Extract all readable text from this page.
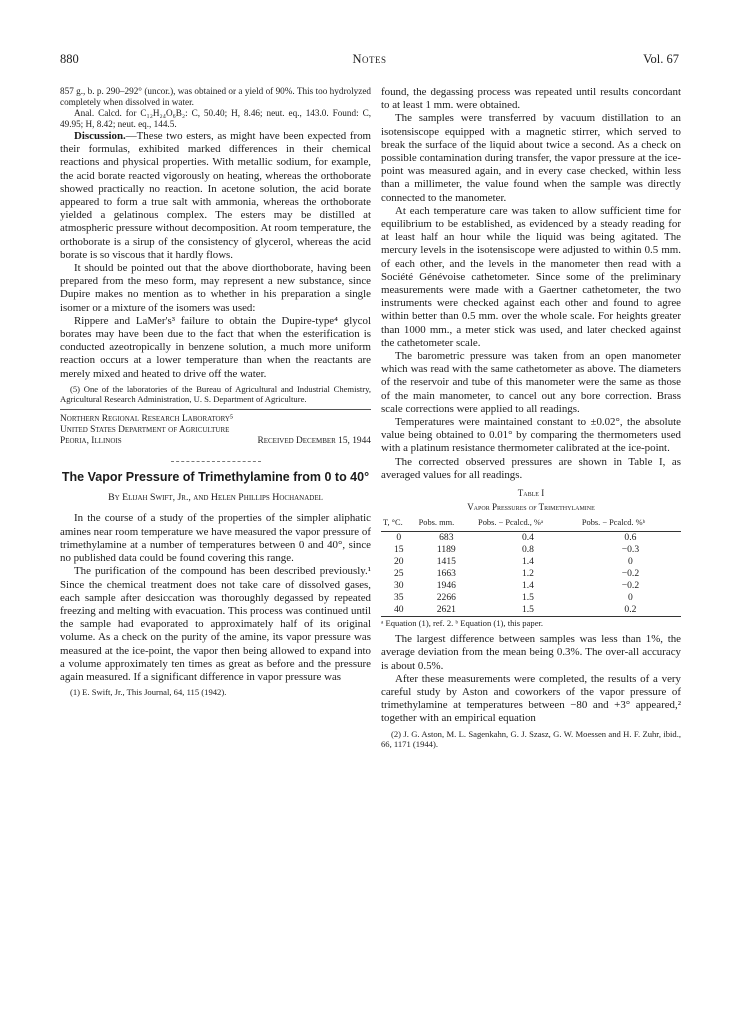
880	Notes	Vol. 67

857 g., b. p. 290–292° (uncor.), was obtained or a yield of 90%. This too hydrolyzed completely when dissolved in water.

Anal. Calcd. for C₁₂H₂₄O₆B₂: C, 50.40; H, 8.46; neut. eq., 143.0. Found: C, 49.95; H, 8.42; neut. eq., 144.5.

Discussion.—These two esters, as might have been expected from their formulas, exhibited marked differences in their chemical reactions and physical properties. With metallic sodium, for example, the acid borate reacted vigorously on heating, whereas the orthoborate showed practically no reaction. In acetone solution, the acid borate appeared to form a true salt with ammonia, whereas the orthoborate yielded a gelatinous complex. The esters may be distilled at atmospheric pressure without decomposition. At room temperature, the orthoborate is a sirup of the consistency of glycerol, whereas the acid borate is so viscous that it hardly flows.

It should be pointed out that the above diorthoborate, having been prepared from the meso form, may represent a new substance, since Dupire makes no mention as to whether in his preparation a single isomer or a mixture of the isomers was used:

Rippere and LaMer's³ failure to obtain the Dupire-type⁴ glycol borates may have been due to the fact that when the esterification is conducted azeotropically in benzene solution, a much more uniform reaction occurs at a lower temperature than when the reactants are merely mixed and heated to drive off the water.

(5) One of the laboratories of the Bureau of Agricultural and Industrial Chemistry, Agricultural Research Administration, U. S. Department of Agriculture.

Northern Regional Research Laboratory⁵
United States Department of Agriculture
Peoria, Illinois	Received December 15, 1944
The Vapor Pressure of Trimethylamine from 0 to 40°
By Elijah Swift, Jr., and Helen Phillips Hochanadel

In the course of a study of the properties of the simpler aliphatic amines near room temperature we have measured the vapor pressure of trimethylamine at a number of temperatures between 0 and 40°, since no published data could be found covering this range.

The purification of the compound has been described previously.¹ Since the chemical treatment does not take care of dissolved gases, each sample after desiccation was thoroughly degassed by repeated freezing and melting with evacuation. This process was continued until the sample had evaporated to approximately half of its original volume. As a check on the purity of the amine, its vapor pressure was measured at the ice-point, the vapor then being allowed to expand into a volume approximately ten times as great as before and the pressure again measured. If a significant difference in vapor pressure was

(1) E. Swift, Jr., This Journal, 64, 115 (1942).

found, the degassing process was repeated until results concordant to at least 1 mm. were obtained.

The samples were transferred by vacuum distillation to an isotensiscope equipped with a magnetic stirrer, which served to break the surface of the liquid about twice a second. As a check on possible contamination during transfer, the vapor pressure at the ice-point was measured again, and in every case checked, within less than a millimeter, the value found when the sample was directly connected to the manometer.

At each temperature care was taken to allow sufficient time for equilibrium to be established, as evidenced by a steady reading for at least half an hour while the liquid was being agitated. The mercury levels in the isotensiscope were adjusted to within 0.5 mm. of each other, and the levels in the manometer then read with a Société Génévoise cathetometer. Since some of the preliminary measurements were made with a Gaertner cathetometer, the two instruments were checked against each other and found to agree within better than 0.5 mm. over the whole scale. For heights greater than 1000 mm., a meter stick was used, and later checked against the cathetometer scale.

The barometric pressure was taken from an open manometer which was read with the same cathetometer as above. The diameters of the reservoir and tube of this manometer were the same as those of the main manometer, to cancel out any bore correction. Brass scale corrections were applied to all readings.

Temperatures were maintained constant to ±0.02°, the absolute value being obtained to 0.01° by comparing the thermometers used with a platinum resistance thermometer calibrated at the ice-point.

The corrected observed pressures are shown in Table I, as averaged values for all readings.

Table I
Vapor Pressures of Trimethylamine
T, °C.	Pobs. mm.	Pobs. − Pcalcd., %ᵃ	Pobs. − Pcalcd. %ᵇ
0	683	0.4	0.6
15	1189	0.8	−0.3
20	1415	1.4	0
25	1663	1.2	−0.2
30	1946	1.4	−0.2
35	2266	1.5	0
40	2621	1.5	0.2
ᵃ Equation (1), ref. 2. ᵇ Equation (1), this paper.

The largest difference between samples was less than 1%, the average deviation from the mean being 0.3%. The over-all accuracy is about 0.5%.

After these measurements were completed, the results of a very careful study by Aston and coworkers of the vapor pressure of trimethylamine at temperatures between −80 and +3° appeared,² together with an empirical equation

(2) J. G. Aston, M. L. Sagenkahn, G. J. Szasz, G. W. Moessen and H. F. Zuhr, ibid., 66, 1171 (1944).
